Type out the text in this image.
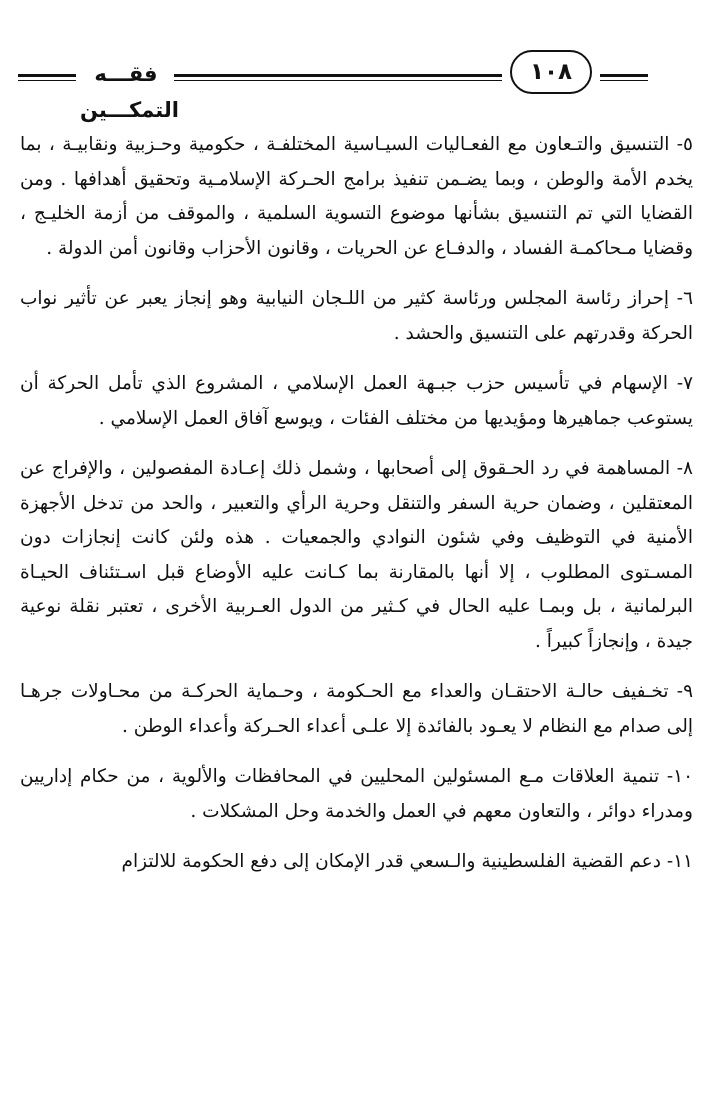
فقـــه التمكـــين
١٠٨

٥- التنسيق والتـعاون مع الفعـاليات السيـاسية المختلفـة ، حكومية وحـزبية ونقابيـة ، بما يخدم الأمة والوطن ، وبما يضـمن تنفيذ برامج الحـركة الإسلامـية وتحقيق أهدافها . ومن القضايا التي تم التنسيق بشأنها موضوع التسوية السلمية ، والموقف من أزمة الخليـج ، وقضايا مـحاكمـة الفساد ، والدفـاع عن الحريات ، وقانون الأحزاب وقانون أمن الدولة .

٦- إحراز رئاسة المجلس ورئاسة كثير من اللـجان النيابية وهو إنجاز يعبر عن تأثير نواب الحركة وقدرتهم على التنسيق والحشد .

٧- الإسهام في تأسيس حزب جبـهة العمل الإسلامي ، المشروع الذي تأمل الحركة أن يستوعب جماهيرها ومؤيديها من مختلف الفئات ، ويوسع آفاق العمل الإسلامي .

٨- المساهمة في رد الحـقوق إلى أصحابها ، وشمل ذلك إعـادة المفصولين ، والإفراج عن المعتقلين ، وضمان حرية السفر والتنقل وحرية الرأي والتعبير ، والحد من تدخل الأجهزة الأمنية في التوظيف وفي شئون النوادي والجمعيات . هذه ولئن كانت إنجازات دون المسـتوى المطلوب ، إلا أنها بالمقارنة بما كـانت عليه الأوضاع قبل اسـتئناف الحيـاة البرلمانية ، بل وبمـا عليه الحال في كـثير من الدول العـربية الأخرى ، تعتبر نقلة نوعية جيدة ، وإنجازاً كبيراً .

٩- تخـفيف حالـة الاحتقـان والعداء مع الحـكومة ، وحـماية الحركـة من محـاولات جرهـا إلى صدام مع النظام لا يعـود بالفائدة إلا علـى أعداء الحـركة وأعداء الوطن .

١٠- تنمية العلاقات مـع المسئولين المحليين في المحافظات والألوية ، من حكام إداريين ومدراء دوائر ، والتعاون معهم في العمل والخدمة وحل المشكلات .

١١- دعم القضية الفلسطينية والـسعي قدر الإمكان إلى دفع الحكومة للالتزام
